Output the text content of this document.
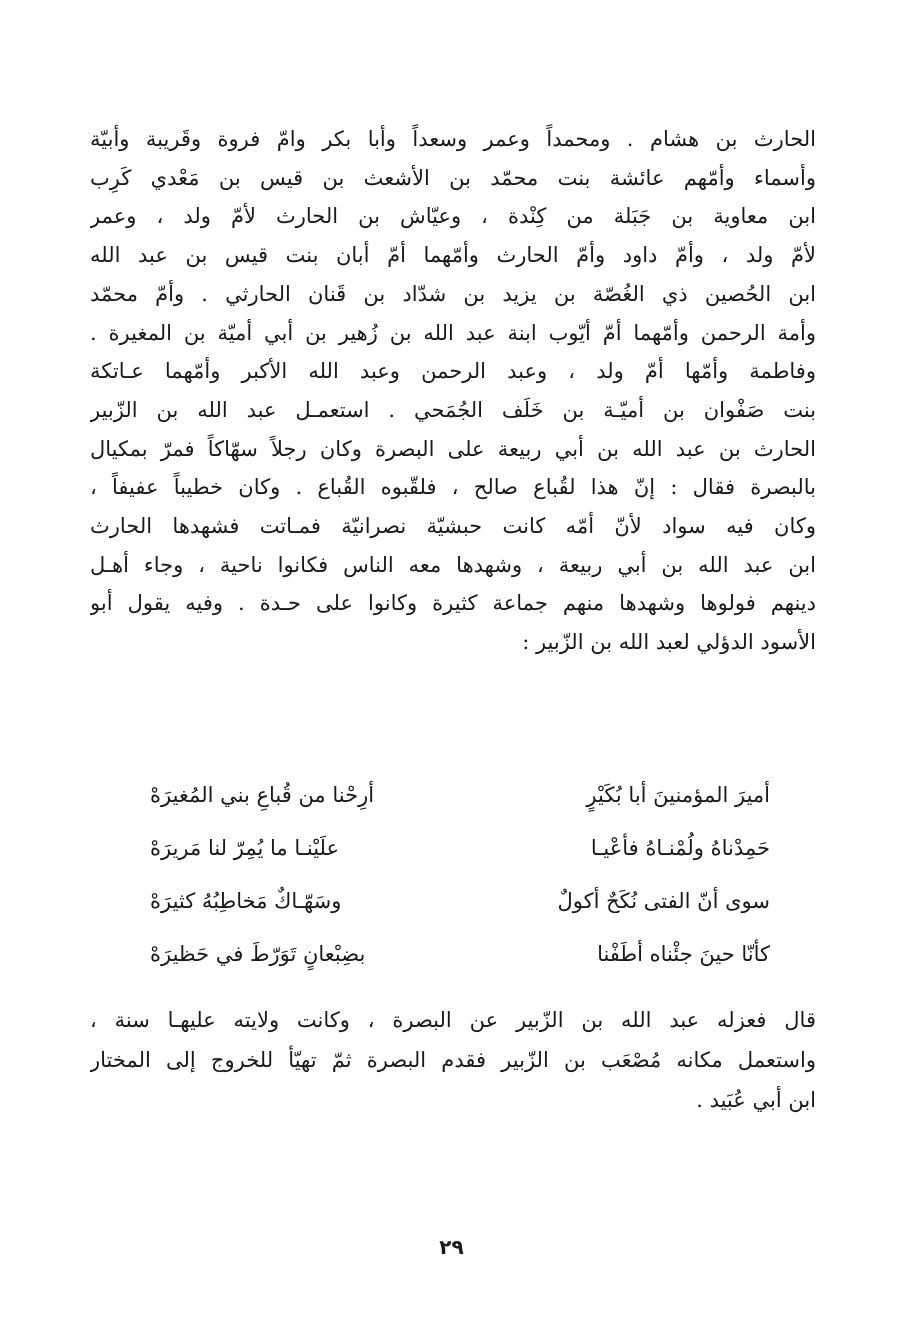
الحارث بن هشام . ومحمداً وعمر وسعداً وأبا بكر وامّ فروة وقَريبة وأبيّة
وأسماء وأمّهم عائشة بنت محمّد بن الأشعث بن قيس بن مَعْدي كَرِب
ابن معاوية بن جَبَلة من كِنْدة ، وعيّاش بن الحارث لأمّ ولد ، وعمر
لأمّ ولد ، وأمّ داود وأمّ الحارث وأمّهما أمّ أبان بنت قيس بن عبد الله
ابن الحُصين ذي الغُصّة بن يزيد بن شدّاد بن قَنان الحارثي . وأمّ محمّد
وأمة الرحمن وأمّهما أمّ أيّوب ابنة عبد الله بن زُهير بن أبي أميّة بن المغيرة .
وفاطمة وأمّها أمّ ولد ، وعبد الرحمن وعبد الله الأكبر وأمّهما عـاتكة
بنت صَفْوان بن أميّـة بن خَلَف الجُمَحي . استعمـل عبد الله بن الزّبير
الحارث بن عبد الله بن أبي ربيعة على البصرة وكان رجلاً سهّاكاً فمرّ بمكيال
بالبصرة فقال : إنّ هذا لقُباع صالح ، فلقّبوه القُباع . وكان خطيباً عفيفاً ،
وكان فيه سواد لأنّ أمّه كانت حبشيّة نصرانيّة فمـاتت فشهدها الحارث
ابن عبد الله بن أبي ربيعة ، وشهدها معه الناس فكانوا ناحية ، وجاء أهـل
دينهم فولوها وشهدها منهم جماعة كثيرة وكانوا على حـدة . وفيه يقول أبو
الأسود الدؤلي لعبد الله بن الزّبير :
أميرَ المؤمنينَ أبا بُكَيْرٍ
أرِحْنا من قُباعِ بني المُغيرَهْ
حَمِدْناهُ ولُمْنـاهُ فأعْيـا
علَيْنـا ما يُمِرّ لنا مَريرَهْ
سوى أنّ الفتى نُكَحٌ أكولٌ
وسَهّـاكٌ مَخاطِبُهُ كثيرَهْ
كأنّا حينَ جئْناه أطَفْنا
بضِبْعانٍ تَوَرّطَ في حَظيرَهْ
قال فعزله عبد الله بن الزّبير عن البصرة ، وكانت ولايته عليهـا سنة ،
واستعمل مكانه مُصْعَب بن الزّبير فقدم البصرة ثمّ تهيّأ للخروج إلى المختار
ابن أبي عُبَيد .
٢٩
